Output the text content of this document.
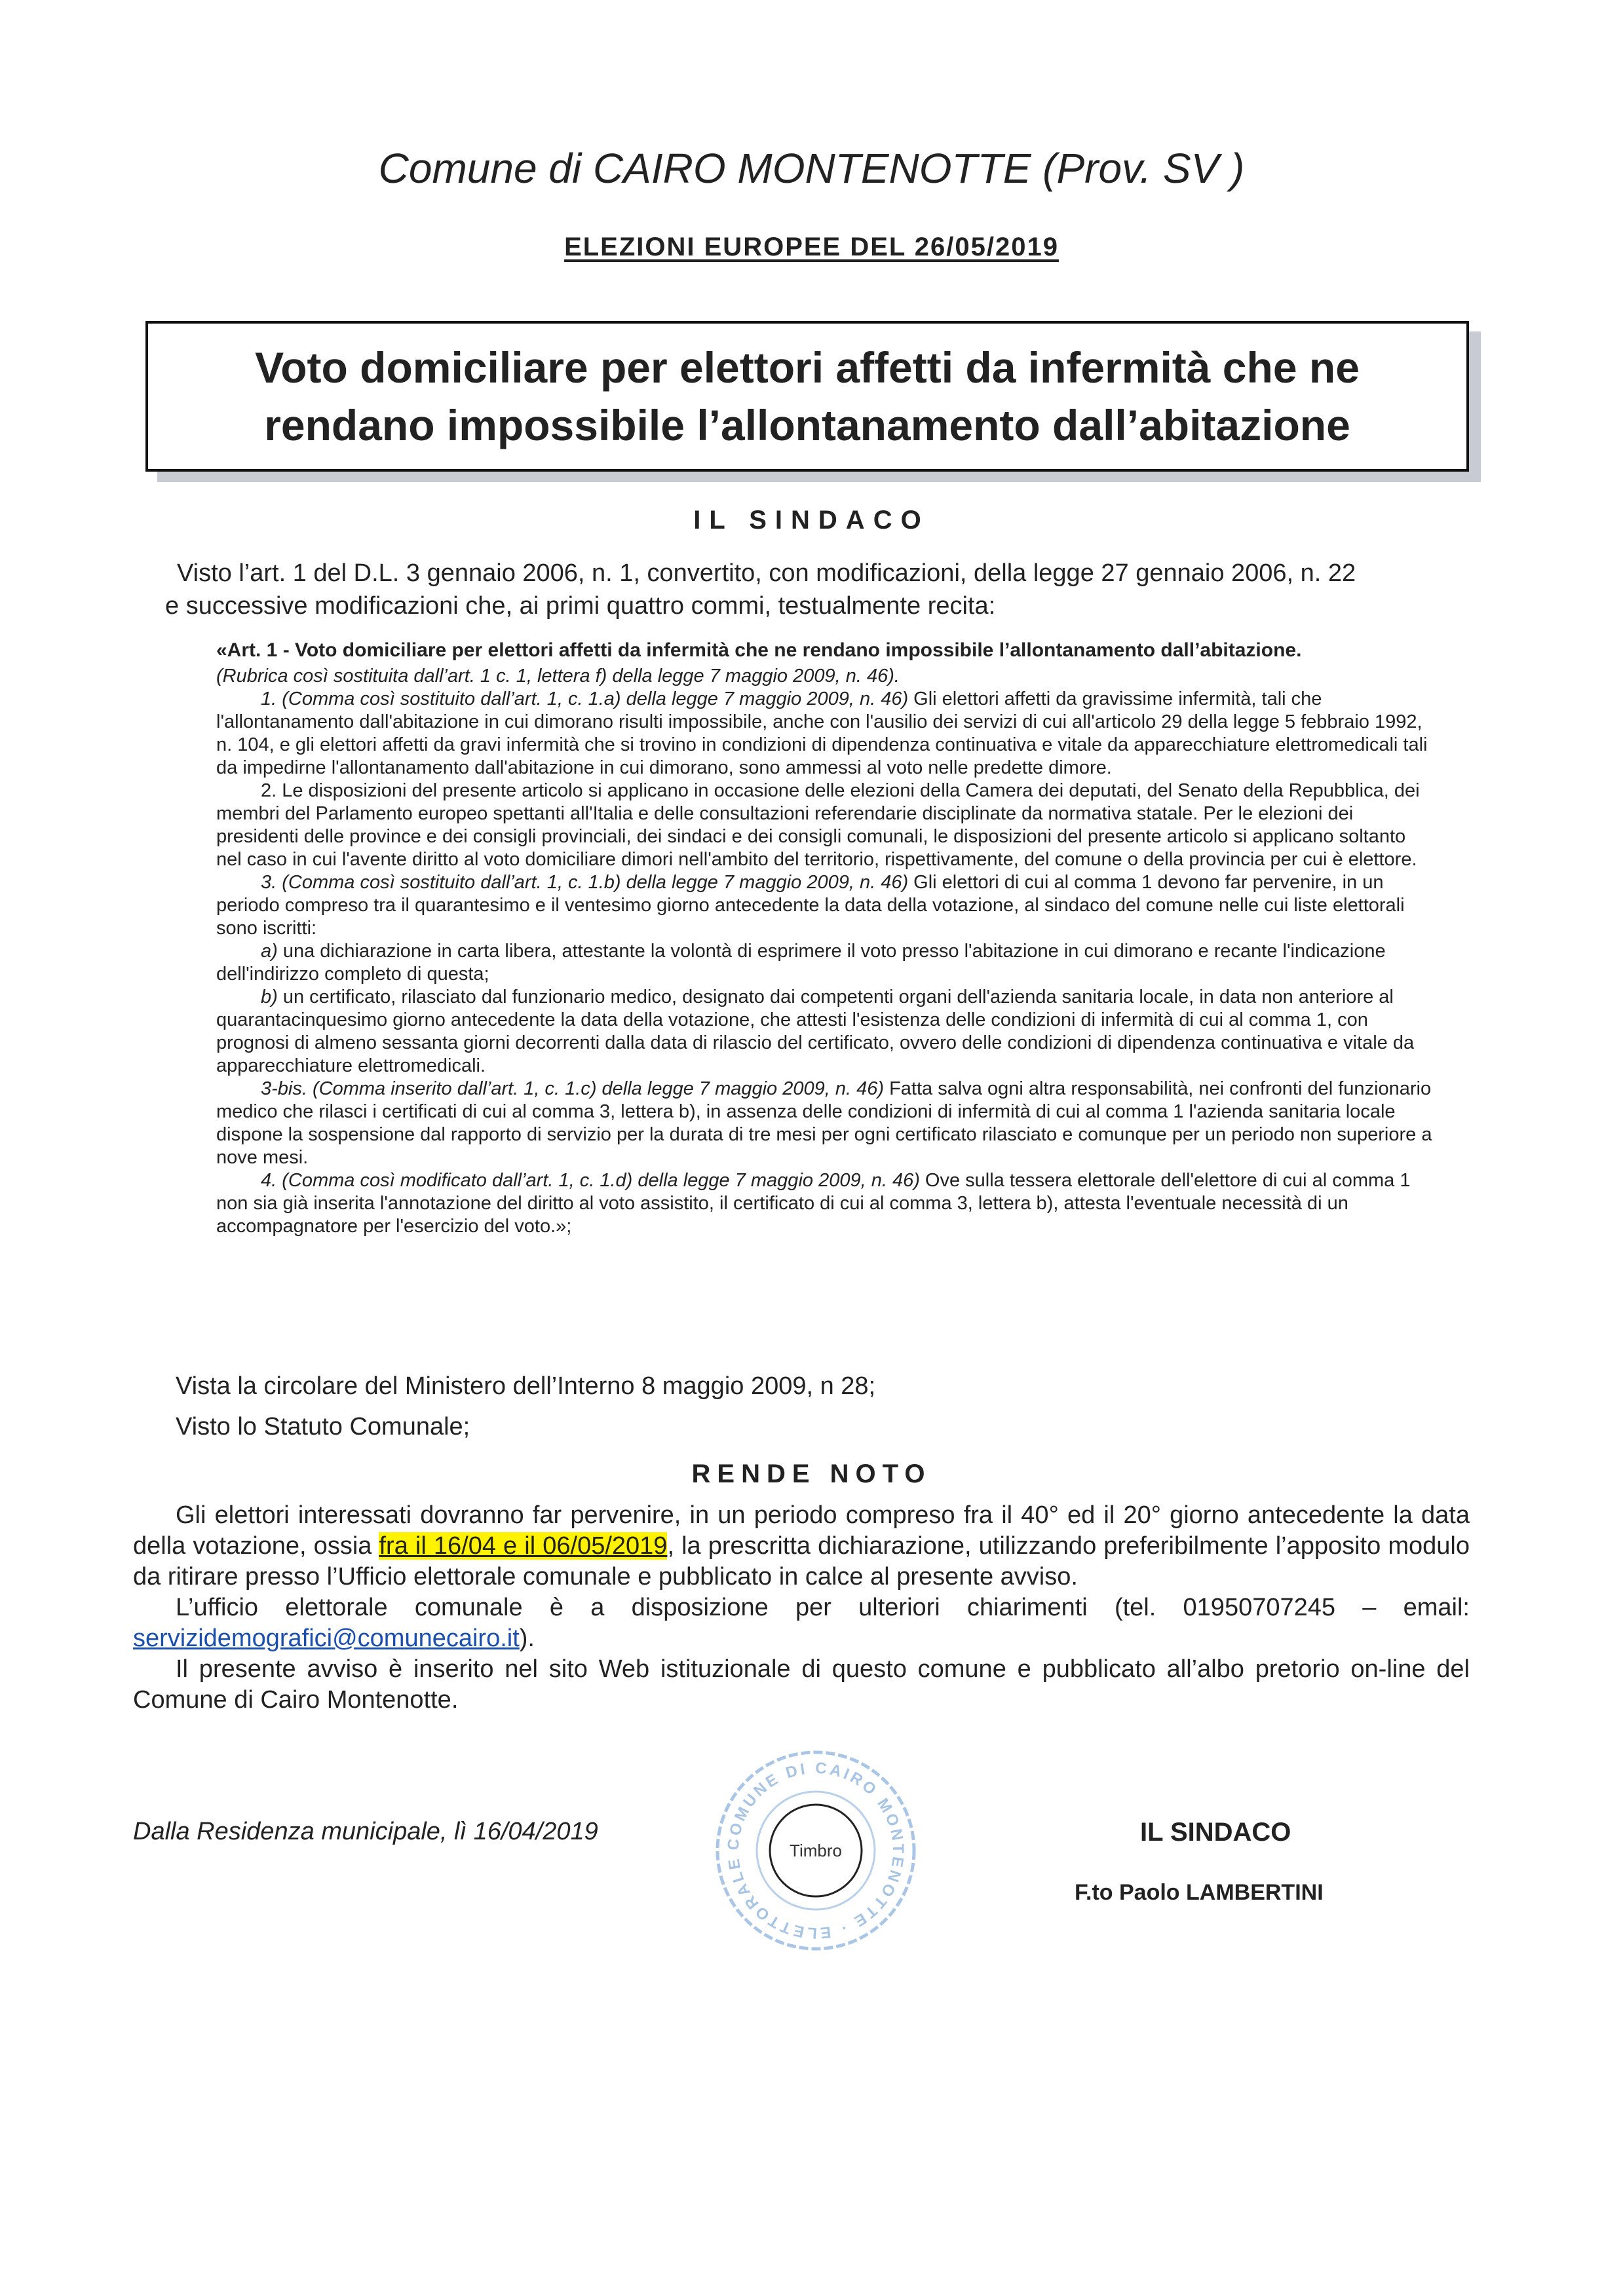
Comune di CAIRO MONTENOTTE (Prov. SV )
ELEZIONI EUROPEE DEL 26/05/2019
Voto domiciliare per elettori affetti da infermità che ne
rendano impossibile l’allontanamento dall’abitazione
IL SINDACO
Visto l’art. 1 del D.L. 3 gennaio 2006, n. 1, convertito, con modificazioni, della legge 27 gennaio 2006, n. 22
e successive modificazioni che, ai primi quattro commi, testualmente recita:

«Art. 1 - Voto domiciliare per elettori affetti da infermità che ne rendano impossibile l’allontanamento dall’abitazione.

(Rubrica così sostituita dall’art. 1 c. 1, lettera f) della legge 7 maggio 2009, n. 46).

1. (Comma così sostituito dall’art. 1, c. 1.a) della legge 7 maggio 2009, n. 46) Gli elettori affetti da gravissime infermità, tali che l'allontanamento dall'abitazione in cui dimorano risulti impossibile, anche con l'ausilio dei servizi di cui all'articolo 29 della legge 5 febbraio 1992, n. 104, e gli elettori affetti da gravi infermità che si trovino in condizioni di dipendenza continuativa e vitale da apparecchiature elettromedicali tali da impedirne l'allontanamento dall'abitazione in cui dimorano, sono ammessi al voto nelle predette dimore.

2. Le disposizioni del presente articolo si applicano in occasione delle elezioni della Camera dei deputati, del Senato della Repubblica, dei membri del Parlamento europeo spettanti all'Italia e delle consultazioni referendarie disciplinate da normativa statale. Per le elezioni dei presidenti delle province e dei consigli provinciali, dei sindaci e dei consigli comunali, le disposizioni del presente articolo si applicano soltanto nel caso in cui l'avente diritto al voto domiciliare dimori nell'ambito del territorio, rispettivamente, del comune o della provincia per cui è elettore.

3. (Comma così sostituito dall’art. 1, c. 1.b) della legge 7 maggio 2009, n. 46) Gli elettori di cui al comma 1 devono far pervenire, in un periodo compreso tra il quarantesimo e il ventesimo giorno antecedente la data della votazione, al sindaco del comune nelle cui liste elettorali sono iscritti:

a) una dichiarazione in carta libera, attestante la volontà di esprimere il voto presso l'abitazione in cui dimorano e recante l'indicazione dell'indirizzo completo di questa;

b) un certificato, rilasciato dal funzionario medico, designato dai competenti organi dell'azienda sanitaria locale, in data non anteriore al quarantacinquesimo giorno antecedente la data della votazione, che attesti l'esistenza delle condizioni di infermità di cui al comma 1, con prognosi di almeno sessanta giorni decorrenti dalla data di rilascio del certificato, ovvero delle condizioni di dipendenza continuativa e vitale da apparecchiature elettromedicali.

3-bis. (Comma inserito dall’art. 1, c. 1.c) della legge 7 maggio 2009, n. 46) Fatta salva ogni altra responsabilità, nei confronti del funzionario medico che rilasci i certificati di cui al comma 3, lettera b), in assenza delle condizioni di infermità di cui al comma 1 l'azienda sanitaria locale dispone la sospensione dal rapporto di servizio per la durata di tre mesi per ogni certificato rilasciato e comunque per un periodo non superiore a nove mesi.

4. (Comma così modificato dall’art. 1, c. 1.d) della legge 7 maggio 2009, n. 46) Ove sulla tessera elettorale dell'elettore di cui al comma 1 non sia già inserita l'annotazione del diritto al voto assistito, il certificato di cui al comma 3, lettera b), attesta l'eventuale necessità di un accompagnatore per l'esercizio del voto.»;

Vista la circolare del Ministero dell’Interno 8 maggio 2009, n 28;
Visto lo Statuto Comunale;
RENDE NOTO

Gli elettori interessati dovranno far pervenire, in un periodo compreso fra il 40° ed il 20° giorno antecedente la data della votazione, ossia fra il 16/04 e il 06/05/2019, la prescritta dichiarazione, utilizzando preferibilmente l’apposito modulo da ritirare presso l’Ufficio elettorale comunale e pubblicato in calce al presente avviso.

L’ufficio elettorale comunale è a disposizione per ulteriori chiarimenti (tel. 01950707245 – email: servizidemografici@comunecairo.it).

Il presente avviso è inserito nel sito Web istituzionale di questo comune e pubblicato all’albo pretorio on-line del Comune di Cairo Montenotte.

Dalla Residenza municipale, lì 16/04/2019	COMUNE DI CAIRO MONTENOTTE · ELETTORALE
Timbro
IL SINDACO
F.to Paolo LAMBERTINI
